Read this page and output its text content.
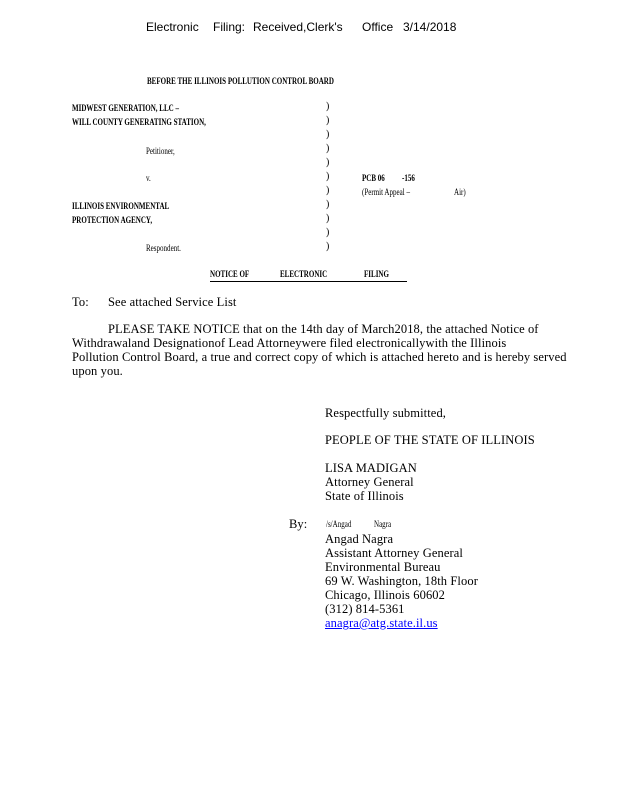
Electronic Filing: Received,Clerk's Office 3/14/2018
BEFORE THE ILLINOIS POLLUTION CONTROL BOARD
MIDWEST GENERATION, LLC –
WILL COUNTY GENERATING STATION,
Petitioner,
v.
ILLINOIS ENVIRONMENTAL
PROTECTION AGENCY,
Respondent.
)
)
)
)
)
)
)
)
)
)
)
PCB 06 -156
(Permit Appeal –	Air)
NOTICE OF	ELECTRONIC	FILING
To: See attached Service List
PLEASE TAKE NOTICE that on the 14th day of March2018, the attached Notice of
Withdrawaland Designationof Lead Attorneywere filed electronicallywith the Illinois
Pollution Control Board, a true and correct copy of which is attached hereto and is hereby served
upon you.
Respectfully submitted,
PEOPLE OF THE STATE OF ILLINOIS
LISA MADIGAN
Attorney General
State of Illinois
By: /s/Angad	Nagra
Angad Nagra
Assistant Attorney General
Environmental Bureau
69 W. Washington, 18th Floor
Chicago, Illinois 60602
(312) 814-5361
anagra@atg.state.il.us
